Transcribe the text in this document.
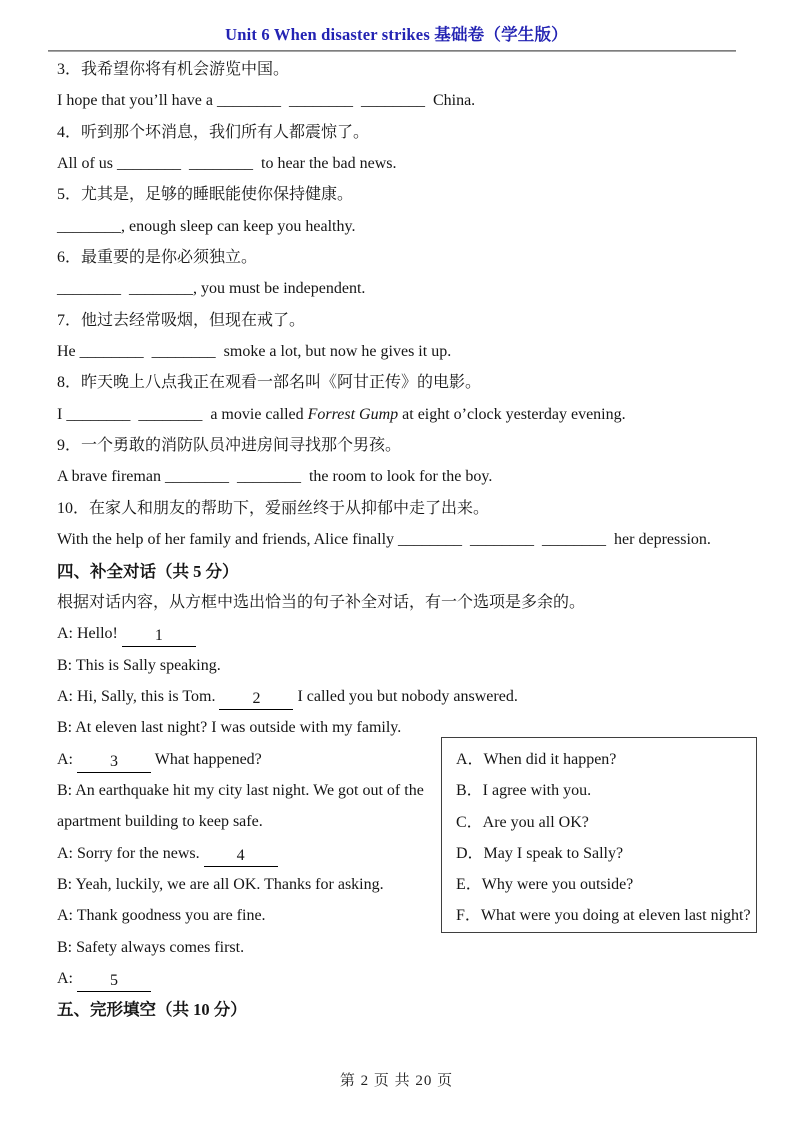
Unit 6 When disaster strikes 基础卷（学生版）

3．我希望你将有机会游览中国。

I hope that you’ll have a ________  ________  ________  China.

4．听到那个坏消息，我们所有人都震惊了。

All of us ________  ________  to hear the bad news.

5．尤其是，足够的睡眠能使你保持健康。

________, enough sleep can keep you healthy.

6．最重要的是你必须独立。

________  ________, you must be independent.

7．他过去经常吸烟，但现在戒了。

He ________  ________  smoke a lot, but now he gives it up.

8．昨天晚上八点我正在观看一部名叫《阿甘正传》的电影。

I ________  ________  a movie called Forrest Gump at eight o’clock yesterday evening.

9．一个勇敢的消防队员冲进房间寻找那个男孩。

A brave fireman ________  ________  the room to look for the boy.

10．在家人和朋友的帮助下，爱丽丝终于从抑郁中走了出来。

With the help of her family and friends, Alice finally ________  ________  ________  her depression.

四、补全对话（共 5 分）

根据对话内容，从方框中选出恰当的句子补全对话，有一个选项是多余的。

A: Hello! 1

B: This is Sally speaking.

A: Hi, Sally, this is Tom. 2 I called you but nobody answered.

B: At eleven last night? I was outside with my family.

A: 3 What happened?

B: An earthquake hit my city last night. We got out of the
apartment building to keep safe.

A: Sorry for the news. 4

B: Yeah, luckily, we are all OK. Thanks for asking.

A: Thank goodness you are fine.

B: Safety always comes first.

A: 5

五、完形填空（共 10 分）

A．When did it happen?
B．I agree with you.
C．Are you all OK?
D．May I speak to Sally?
E．Why were you outside?
F．What were you doing at eleven last night?
第 2 页 共 20 页
